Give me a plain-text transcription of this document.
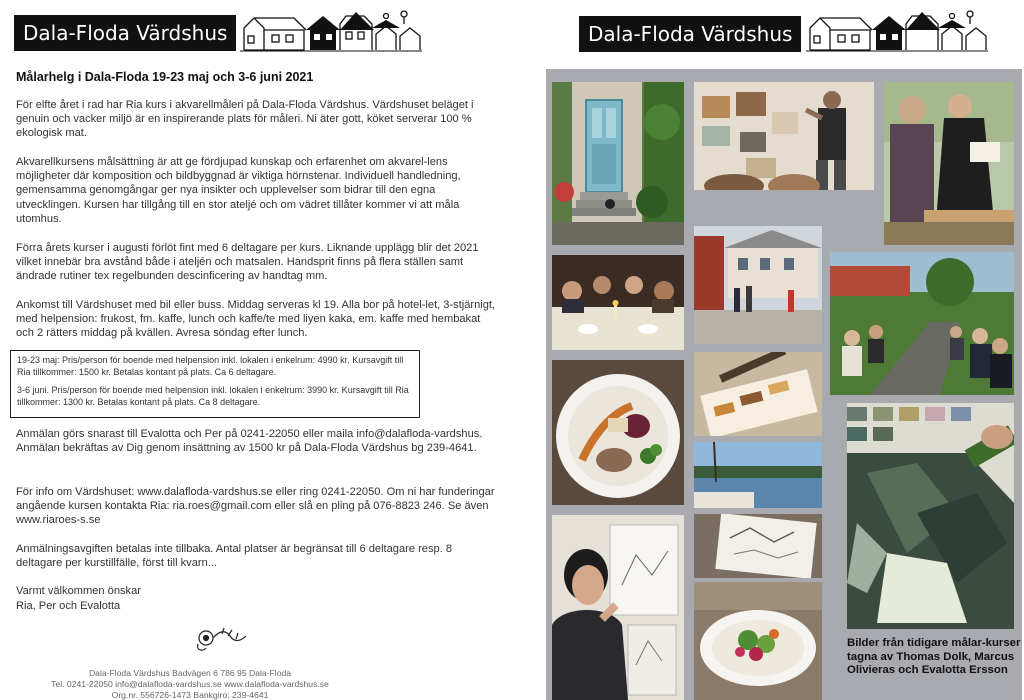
Dala-Floda Värdshus
Målarhelg i Dala-Floda 19-23 maj och 3-6 juni 2021

För elfte året i rad har Ria kurs i akvarellmåleri på Dala-Floda Värdshus. Värdshuset beläget i genuin och vacker miljö är en inspirerande plats för måleri. Ni äter gott, köket serverar 100 % ekologisk mat.

Akvarellkursens målsättning är att ge fördjupad kunskap och erfarenhet om akvarel-lens möjligheter där komposition och bildbyggnad är viktiga hörnstenar. Individuell handledning, gemensamma genomgångar ger nya insikter och upplevelser som bidrar till den egna utvecklingen. Kursen har tillgång till en stor ateljé och om vädret tillåter kommer vi att måla utomhus.

Förra årets kurser i augusti förlöt fint med 6 deltagare per kurs. Liknande upplägg blir det 2021 vilket innebär bra avstånd både i ateljén och matsalen. Handsprit finns på flera ställen samt ändrade rutiner tex regelbunden descinficering av handtag mm.

Ankomst till Värdshuset med bil eller buss. Middag serveras kl 19. Alla bor på hotel-let, 3-stjärnigt, med helpension: frukost, fm. kaffe, lunch och kaffe/te med liyen kaka, em. kaffe med hembakat och 2 rätters middag på kvällen. Avresa söndag efter lunch.

19-23 maj: Pris/person för boende med helpension inkl. lokalen i enkelrum: 4990 kr. Kursavgift till Ria tillkommer: 1500 kr. Betalas kontant på plats. Ca 6 deltagare.

3-6 juni. Pris/person för boende med helpension inkl. lokalen i enkelrum: 3990 kr. Kursavgift till Ria tillkommer: 1300 kr. Betalas kontant på plats. Ca 8 deltagare.

Anmälan görs snarast till Evalotta och Per på 0241-22050 eller maila info@dalafloda-vardshus. Anmälan bekräftas av Dig genom insättning av 1500 kr på Dala-Floda Värdshus bg 239-4641.

För info om Värdshuset: www.dalafloda-vardshus.se eller ring 0241-22050. Om ni har funderingar angående kursen kontakta Ria: ria.roes@gmail.com eller slå en pling på 076-8823 246. Se även www.riaroes-s.se

Anmälningsavgiften betalas inte tillbaka. Antal platser är begränsat till 6 deltagare resp. 8 deltagare per kurstillfälle, först till kvarn...

Varmt välkommen önskar

Ria, Per och Evalotta

Dala-Floda Värdshus Badvägen 6 786 95 Dala-Floda

Tel. 0241-22050 info@dalafloda-vardshus.se www.dalafloda-vardshus.se

Org.nr. 556726-1473 Bankgiro: 239-4641

Dala-Floda Värdshus

Bilder från tidigare målar-kurser tagna av Thomas Dolk, Marcus Olivieras och Evalotta Ersson
